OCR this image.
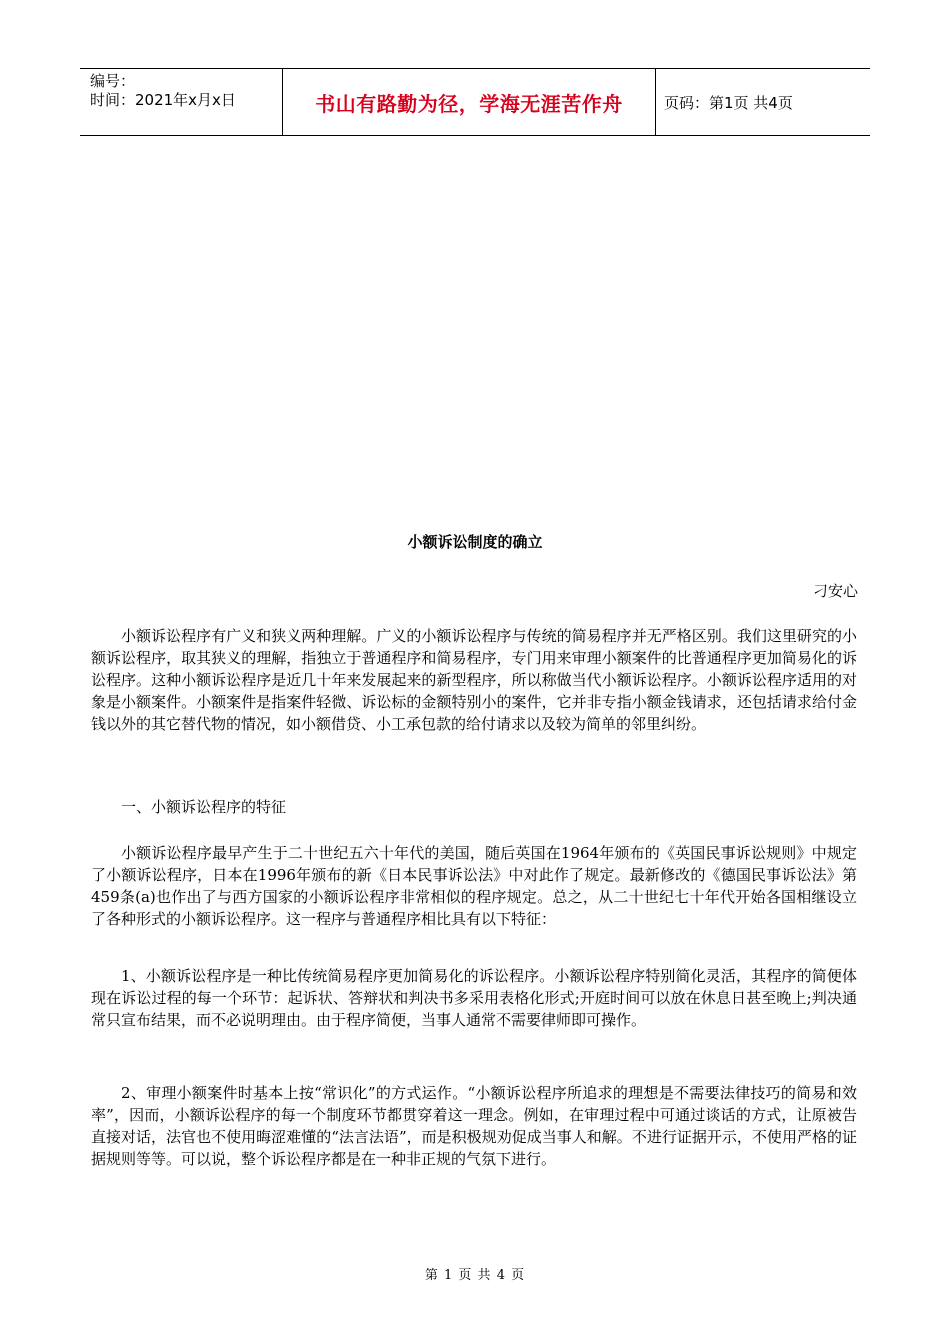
编号：
时间：2021年x月x日	书山有路勤为径，学海无涯苦作舟	页码：第1页 共4页
小额诉讼制度的确立
刁安心

小额诉讼程序有广义和狭义两种理解。广义的小额诉讼程序与传统的简易程序并无严格区别。我们这里研究的小额诉讼程序，取其狭义的理解，指独立于普通程序和简易程序，专门用来审理小额案件的比普通程序更加简易化的诉讼程序。这种小额诉讼程序是近几十年来发展起来的新型程序，所以称做当代小额诉讼程序。小额诉讼程序适用的对象是小额案件。小额案件是指案件轻微、诉讼标的金额特别小的案件，它并非专指小额金钱请求，还包括请求给付金钱以外的其它替代物的情况，如小额借贷、小工承包款的给付请求以及较为简单的邻里纠纷。

一、小额诉讼程序的特征

小额诉讼程序最早产生于二十世纪五六十年代的美国，随后英国在1964年颁布的《英国民事诉讼规则》中规定了小额诉讼程序，日本在1996年颁布的新《日本民事诉讼法》中对此作了规定。最新修改的《德国民事诉讼法》第459条(a)也作出了与西方国家的小额诉讼程序非常相似的程序规定。总之，从二十世纪七十年代开始各国相继设立了各种形式的小额诉讼程序。这一程序与普通程序相比具有以下特征：

1、小额诉讼程序是一种比传统简易程序更加简易化的诉讼程序。小额诉讼程序特别简化灵活，其程序的简便体现在诉讼过程的每一个环节：起诉状、答辩状和判决书多采用表格化形式;开庭时间可以放在休息日甚至晚上;判决通常只宣布结果，而不必说明理由。由于程序简便，当事人通常不需要律师即可操作。

2、审理小额案件时基本上按“常识化”的方式运作。“小额诉讼程序所追求的理想是不需要法律技巧的简易和效率”，因而，小额诉讼程序的每一个制度环节都贯穿着这一理念。例如，在审理过程中可通过谈话的方式，让原被告直接对话，法官也不使用晦涩难懂的“法言法语”，而是积极规劝促成当事人和解。不进行证据开示，不使用严格的证据规则等等。可以说，整个诉讼程序都是在一种非正规的气氛下进行。

第 1 页 共 4 页
